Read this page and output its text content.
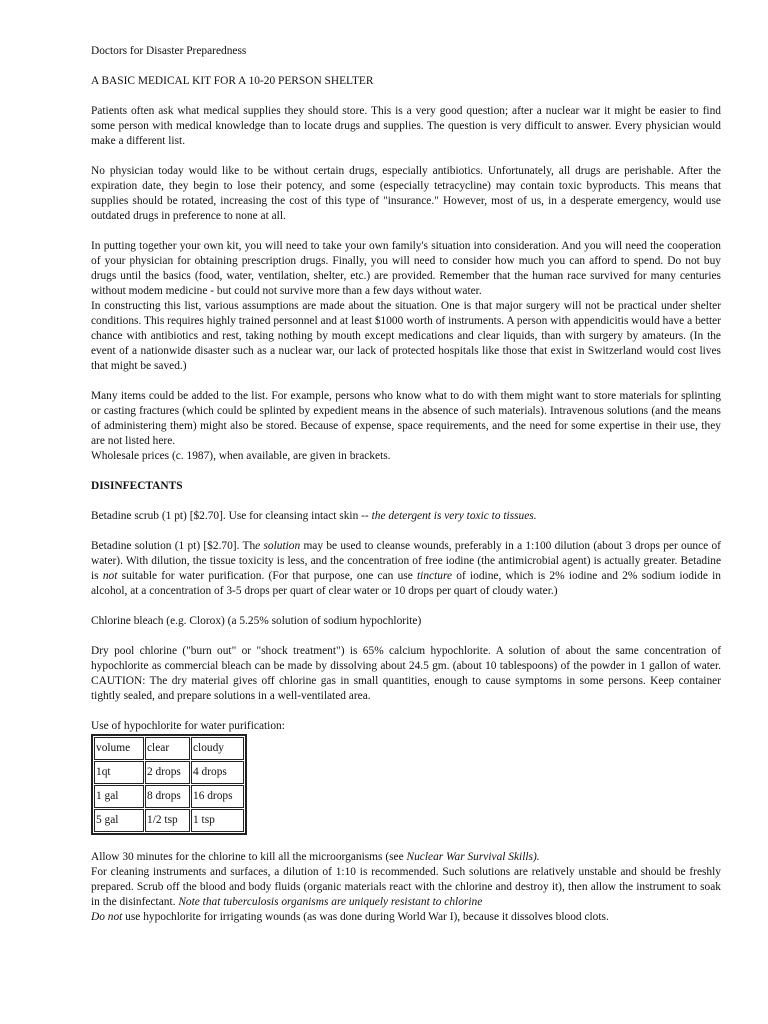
Doctors for Disaster Preparedness

A BASIC MEDICAL KIT FOR A 10-20 PERSON SHELTER

Patients often ask what medical supplies they should store. This is a very good question; after a nuclear war it might be easier to find some person with medical knowledge than to locate drugs and supplies. The question is very difficult to answer. Every physician would make a different list.

No physician today would like to be without certain drugs, especially antibiotics. Unfortunately, all drugs are perishable. After the expiration date, they begin to lose their potency, and some (especially tetracycline) may contain toxic byproducts. This means that supplies should be rotated, increasing the cost of this type of "insurance." However, most of us, in a desperate emergency, would use outdated drugs in preference to none at all.

In putting together your own kit, you will need to take your own family's situation into consideration. And you will need the cooperation of your physician for obtaining prescription drugs. Finally, you will need to consider how much you can afford to spend. Do not buy drugs until the basics (food, water, ventilation, shelter, etc.) are provided. Remember that the human race survived for many centuries without modem medicine - but could not survive more than a few days without water.

In constructing this list, various assumptions are made about the situation. One is that major surgery will not be practical under shelter conditions. This requires highly trained personnel and at least $1000 worth of instruments. A person with appendicitis would have a better chance with antibiotics and rest, taking nothing by mouth except medications and clear liquids, than with surgery by amateurs. (In the event of a nationwide disaster such as a nuclear war, our lack of protected hospitals like those that exist in Switzerland would cost lives that might be saved.)

Many items could be added to the list. For example, persons who know what to do with them might want to store materials for splinting or casting fractures (which could be splinted by expedient means in the absence of such materials). Intravenous solutions (and the means of administering them) might also be stored. Because of expense, space requirements, and the need for some expertise in their use, they are not listed here.

Wholesale prices (c. 1987), when available, are given in brackets.

DISINFECTANTS

Betadine scrub (1 pt) [$2.70]. Use for cleansing intact skin -- the detergent is very toxic to tissues.

Betadine solution (1 pt) [$2.70]. The solution may be used to cleanse wounds, preferably in a 1:100 dilution (about 3 drops per ounce of water). With dilution, the tissue toxicity is less, and the concentration of free iodine (the antimicrobial agent) is actually greater. Betadine is not suitable for water purification. (For that purpose, one can use tincture of iodine, which is 2% iodine and 2% sodium iodide in alcohol, at a concentration of 3-5 drops per quart of clear water or 10 drops per quart of cloudy water.)

Chlorine bleach (e.g. Clorox) (a 5.25% solution of sodium hypochlorite)

Dry pool chlorine ("burn out" or "shock treatment") is 65% calcium hypochlorite. A solution of about the same concentration of hypochlorite as commercial bleach can be made by dissolving about 24.5 gm. (about 10 tablespoons) of the powder in 1 gallon of water. CAUTION: The dry material gives off chlorine gas in small quantities, enough to cause symptoms in some persons. Keep container tightly sealed, and prepare solutions in a well-ventilated area.

Use of hypochlorite for water purification:

volume	clear	cloudy
1qt	2 drops	4 drops
1 gal	8 drops	16 drops
5 gal	1/2 tsp	1 tsp

Allow 30 minutes for the chlorine to kill all the microorganisms (see Nuclear War Survival Skills).

For cleaning instruments and surfaces, a dilution of 1:10 is recommended. Such solutions are relatively unstable and should be freshly prepared. Scrub off the blood and body fluids (organic materials react with the chlorine and destroy it), then allow the instrument to soak in the disinfectant. Note that tuberculosis organisms are uniquely resistant to chlorine

Do not use hypochlorite for irrigating wounds (as was done during World War I), because it dissolves blood clots.
